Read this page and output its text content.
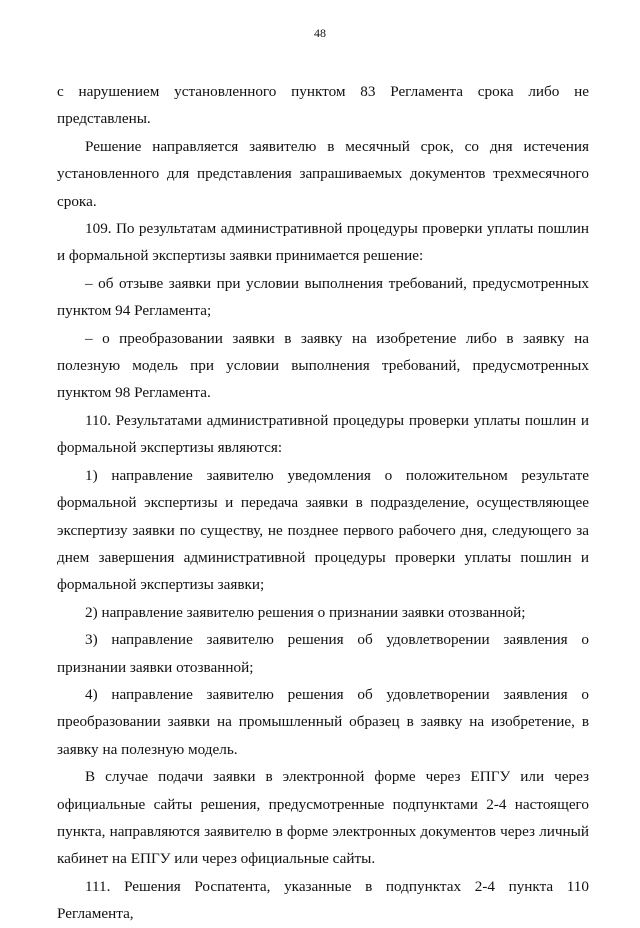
48

с нарушением установленного пунктом 83 Регламента срока либо не представлены.

Решение направляется заявителю в месячный срок, со дня истечения установленного для представления запрашиваемых документов трехмесячного срока.

109. По результатам административной процедуры проверки уплаты пошлин и формальной экспертизы заявки принимается решение:

– об отзыве заявки при условии выполнения требований, предусмотренных пунктом 94 Регламента;

– о преобразовании заявки в заявку на изобретение либо в заявку на полезную модель при условии выполнения требований, предусмотренных пунктом 98 Регламента.

110. Результатами административной процедуры проверки уплаты пошлин и формальной экспертизы являются:

1) направление заявителю уведомления о положительном результате формальной экспертизы и передача заявки в подразделение, осуществляющее экспертизу заявки по существу, не позднее первого рабочего дня, следующего за днем завершения административной процедуры проверки уплаты пошлин и формальной экспертизы заявки;

2) направление заявителю решения о признании заявки отозванной;

3) направление заявителю решения об удовлетворении заявления о признании заявки отозванной;

4) направление заявителю решения об удовлетворении заявления о преобразовании заявки на промышленный образец в заявку на изобретение, в заявку на полезную модель.

В случае подачи заявки в электронной форме через ЕПГУ или через официальные сайты решения, предусмотренные подпунктами 2-4 настоящего пункта, направляются заявителю в форме электронных документов через личный кабинет на ЕПГУ или через официальные сайты.

111. Решения Роспатента, указанные в подпунктах 2-4 пункта 110 Регламента,
